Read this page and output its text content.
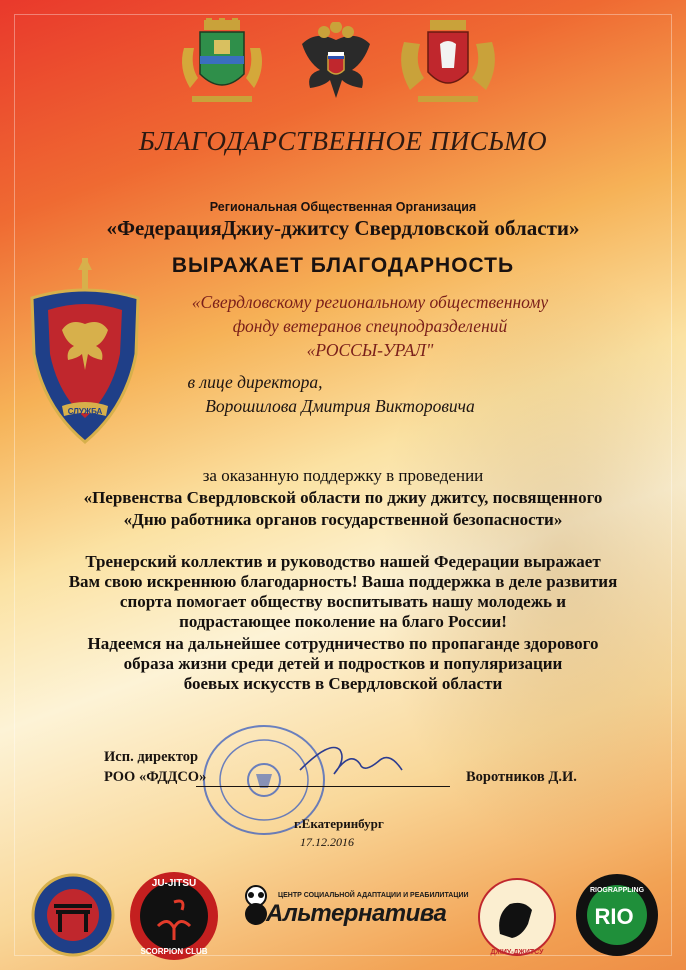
БЛАГОДАРСТВЕННОЕ ПИСЬМО
СЛУЖБА
Региональная Общественная Организация
«ФедерацияДжиу-джитсу Свердловской области»
ВЫРАЖАЕТ БЛАГОДАРНОСТЬ
«Свердловскому региональному общественному
фонду ветеранов спецподразделений
«РОССЫ-УРАЛ"
в лице директора,
Ворошилова Дмитрия Викторовича
за оказанную поддержку в проведении
«Первенства Свердловской области по джиу джитсу, посвященного
«Дню работника органов государственной безопасности»
Тренерский коллектив и руководство нашей Федерации выражает
Вам свою искреннюю благодарность! Ваша поддержка в деле развития
спорта помогает обществу воспитывать нашу молодежь и
подрастающее поколение на благо России!
Надеемся на дальнейшее сотрудничество по пропаганде здорового
образа жизни среди детей и подростков и популяризации
боевых искусств в Свердловской области
Исп. директор
РОО «ФДДСО»	Воротников Д.И.
г.Екатеринбург
17.12.2016
JU-JITSU
SCORPION CLUB
ЦЕНТР СОЦИАЛЬНОЙ АДАПТАЦИИ И РЕАБИЛИТАЦИИ
Альтернатива
ДЖИУ-ДЖИТСУ
RIOGRAPPLING
RIO
